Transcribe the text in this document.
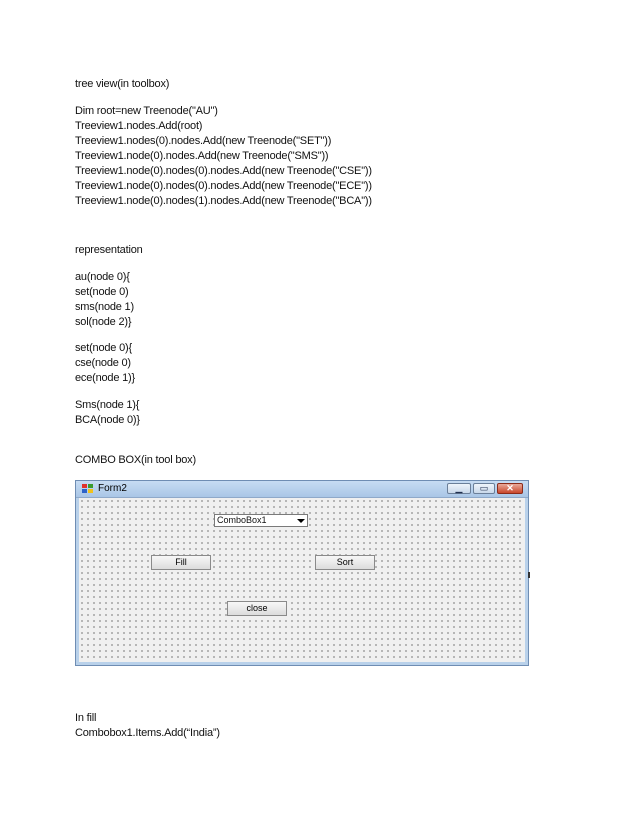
tree view(in toolbox)
Dim root=new Treenode("AU")
Treeview1.nodes.Add(root)
Treeview1.nodes(0).nodes.Add(new Treenode("SET"))
Treeview1.node(0).nodes.Add(new Treenode("SMS"))
Treeview1.node(0).nodes(0).nodes.Add(new Treenode("CSE"))
Treeview1.node(0).nodes(0).nodes.Add(new Treenode("ECE"))
Treeview1.node(0).nodes(1).nodes.Add(new Treenode("BCA"))
representation
au(node 0){
set(node 0)
sms(node 1)
sol(node 2)}
set(node 0){
cse(node 0)
ece(node 1)}
Sms(node 1){
BCA(node 0)}
COMBO BOX(in tool box)
Form2	▁	▭	✕
ComboBox1
Fill	Sort
close
In fill
Combobox1.Items.Add(“India”)
